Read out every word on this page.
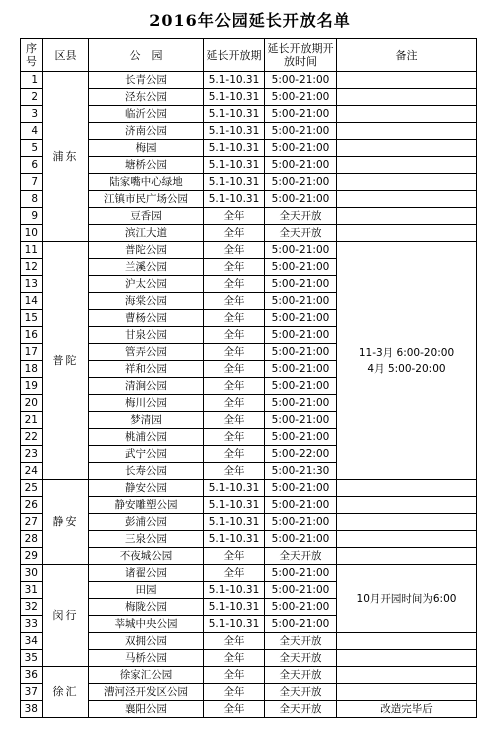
2016年公园延长开放名单
序号	区县	公　园	延长开放期	延长开放期开放时间	备注
1	浦东	长青公园	5.1-10.31	5:00-21:00	
2		泾东公园	5.1-10.31	5:00-21:00	
3		临沂公园	5.1-10.31	5:00-21:00	
4		济南公园	5.1-10.31	5:00-21:00	
5		梅园	5.1-10.31	5:00-21:00	
6		塘桥公园	5.1-10.31	5:00-21:00	
7		陆家嘴中心绿地	5.1-10.31	5:00-21:00	
8		江镇市民广场公园	5.1-10.31	5:00-21:00	
9		豆香园	全年	全天开放	
10		滨江大道	全年	全天开放	
11	普陀	普陀公园	全年	5:00-21:00	11-3月 6:00-20:00
4月 5:00-20:00
12		兰溪公园	全年	5:00-21:00	
13		沪太公园	全年	5:00-21:00	
14		海棠公园	全年	5:00-21:00	
15		曹杨公园	全年	5:00-21:00	
16		甘泉公园	全年	5:00-21:00	
17		管弄公园	全年	5:00-21:00	
18		祥和公园	全年	5:00-21:00	
19		清涧公园	全年	5:00-21:00	
20		梅川公园	全年	5:00-21:00	
21		梦清园	全年	5:00-21:00	
22		桃浦公园	全年	5:00-21:00	
23		武宁公园	全年	5:00-22:00	
24		长寿公园	全年	5:00-21:30	
25	静安	静安公园	5.1-10.31	5:00-21:00	
26		静安雕塑公园	5.1-10.31	5:00-21:00	
27		彭浦公园	5.1-10.31	5:00-21:00	
28		三泉公园	5.1-10.31	5:00-21:00	
29		不夜城公园	全年	全天开放	
30	闵行	诸翟公园	全年	5:00-21:00	10月开园时间为6:00
31		田园	5.1-10.31	5:00-21:00	
32		梅陇公园	5.1-10.31	5:00-21:00	
33		莘城中央公园	5.1-10.31	5:00-21:00	
34		双拥公园	全年	全天开放	
35		马桥公园	全年	全天开放	
36	徐汇	徐家汇公园	全年	全天开放	
37		漕河泾开发区公园	全年	全天开放	
38		襄阳公园	全年	全天开放	改造完毕后
